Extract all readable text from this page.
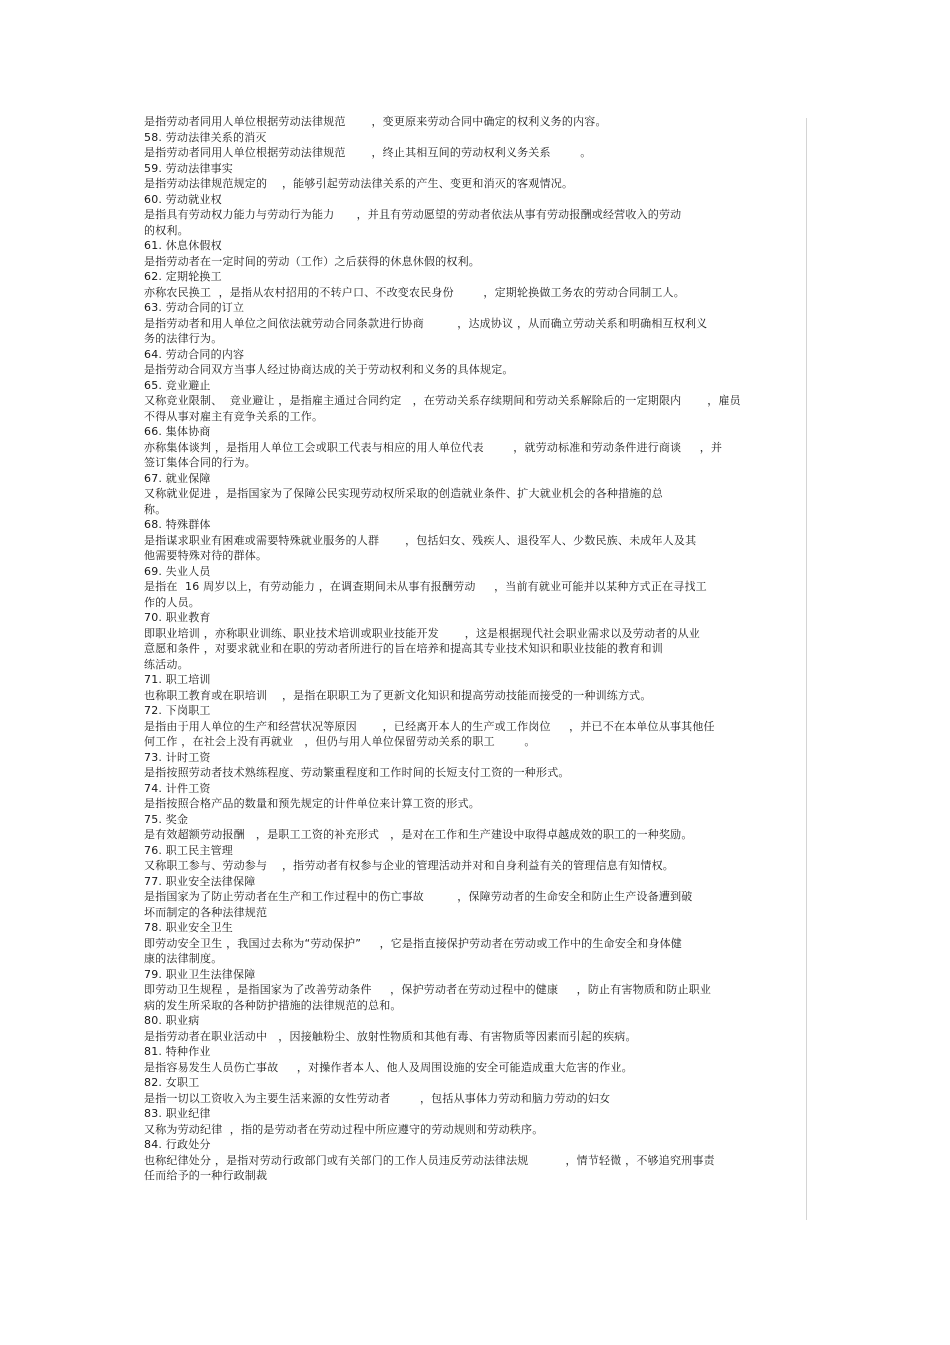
是指劳动者同用人单位根据劳动法律规范       ，变更原来劳动合同中确定的权利义务的内容。
58. 劳动法律关系的消灭
是指劳动者同用人单位根据劳动法律规范       ，终止其相互间的劳动权利义务关系        。
59. 劳动法律事实
是指劳动法律规范规定的    ，能够引起劳动法律关系的产生、变更和消灭的客观情况。
60. 劳动就业权
是指具有劳动权力能力与劳动行为能力      ，并且有劳动愿望的劳动者依法从事有劳动报酬或经营收入的劳动
的权利。
61. 休息休假权
是指劳动者在一定时间的劳动（工作）之后获得的休息休假的权利。
62. 定期轮换工
亦称农民换工  ，是指从农村招用的不转户口、不改变农民身份        ，定期轮换做工务农的劳动合同制工人。
63. 劳动合同的订立
是指劳动者和用人单位之间依法就劳动合同条款进行协商         ，达成协议 ，从而确立劳动关系和明确相互权利义
务的法律行为。
64. 劳动合同的内容
是指劳动合同双方当事人经过协商达成的关于劳动权利和义务的具体规定。
65. 竞业避止
又称竞业限制、  竞业避让 ，是指雇主通过合同约定   ，在劳动关系存续期间和劳动关系解除后的一定期限内       ，雇员
不得从事对雇主有竞争关系的工作。
66. 集体协商
亦称集体谈判 ，是指用人单位工会或职工代表与相应的用人单位代表        ，就劳动标准和劳动条件进行商谈     ，并
签订集体合同的行为。
67. 就业保障
又称就业促进 ，是指国家为了保障公民实现劳动权所采取的创造就业条件、扩大就业机会的各种措施的总
称。
68. 特殊群体
是指谋求职业有困难或需要特殊就业服务的人群       ，包括妇女、残疾人、退役军人、少数民族、未成年人及其
他需要特殊对待的群体。
69. 失业人员
是指在  16 周岁以上，有劳动能力 ，在调查期间未从事有报酬劳动     ，当前有就业可能并以某种方式正在寻找工
作的人员。
70. 职业教育
即职业培训 ，亦称职业训练、职业技术培训或职业技能开发       ，这是根据现代社会职业需求以及劳动者的从业
意愿和条件 ，对要求就业和在职的劳动者所进行的旨在培养和提高其专业技术知识和职业技能的教育和训
练活动。
71. 职工培训
也称职工教育或在职培训    ，是指在职职工为了更新文化知识和提高劳动技能而接受的一种训练方式。
72. 下岗职工
是指由于用人单位的生产和经营状况等原因       ，已经离开本人的生产或工作岗位     ，并已不在本单位从事其他任
何工作 ，在社会上没有再就业   ，但仍与用人单位保留劳动关系的职工        。
73. 计时工资
是指按照劳动者技术熟练程度、劳动繁重程度和工作时间的长短支付工资的一种形式。
74. 计件工资
是指按照合格产品的数量和预先规定的计件单位来计算工资的形式。
75. 奖金
是有效超额劳动报酬   ，是职工工资的补充形式   ，是对在工作和生产建设中取得卓越成效的职工的一种奖励。
76. 职工民主管理
又称职工参与、劳动参与    ，指劳动者有权参与企业的管理活动并对和自身利益有关的管理信息有知情权。
77. 职业安全法律保障
是指国家为了防止劳动者在生产和工作过程中的伤亡事故         ，保障劳动者的生命安全和防止生产设备遭到破
坏而制定的各种法律规范
78. 职业安全卫生
即劳动安全卫生 ，我国过去称为“劳动保护”     ，它是指直接保护劳动者在劳动或工作中的生命安全和身体健
康的法律制度。
79. 职业卫生法律保障
即劳动卫生规程 ，是指国家为了改善劳动条件     ，保护劳动者在劳动过程中的健康     ，防止有害物质和防止职业
病的发生所采取的各种防护措施的法律规范的总和。
80. 职业病
是指劳动者在职业活动中   ，因接触粉尘、放射性物质和其他有毒、有害物质等因素而引起的疾病。
81. 特种作业
是指容易发生人员伤亡事故     ，对操作者本人、他人及周围设施的安全可能造成重大危害的作业。
82. 女职工
是指一切以工资收入为主要生活来源的女性劳动者        ，包括从事体力劳动和脑力劳动的妇女
83. 职业纪律
又称为劳动纪律  ，指的是劳动者在劳动过程中所应遵守的劳动规则和劳动秩序。
84. 行政处分
也称纪律处分 ，是指对劳动行政部门或有关部门的工作人员违反劳动法律法规          ，情节轻微 ，不够追究刑事责
任而给予的一种行政制裁
